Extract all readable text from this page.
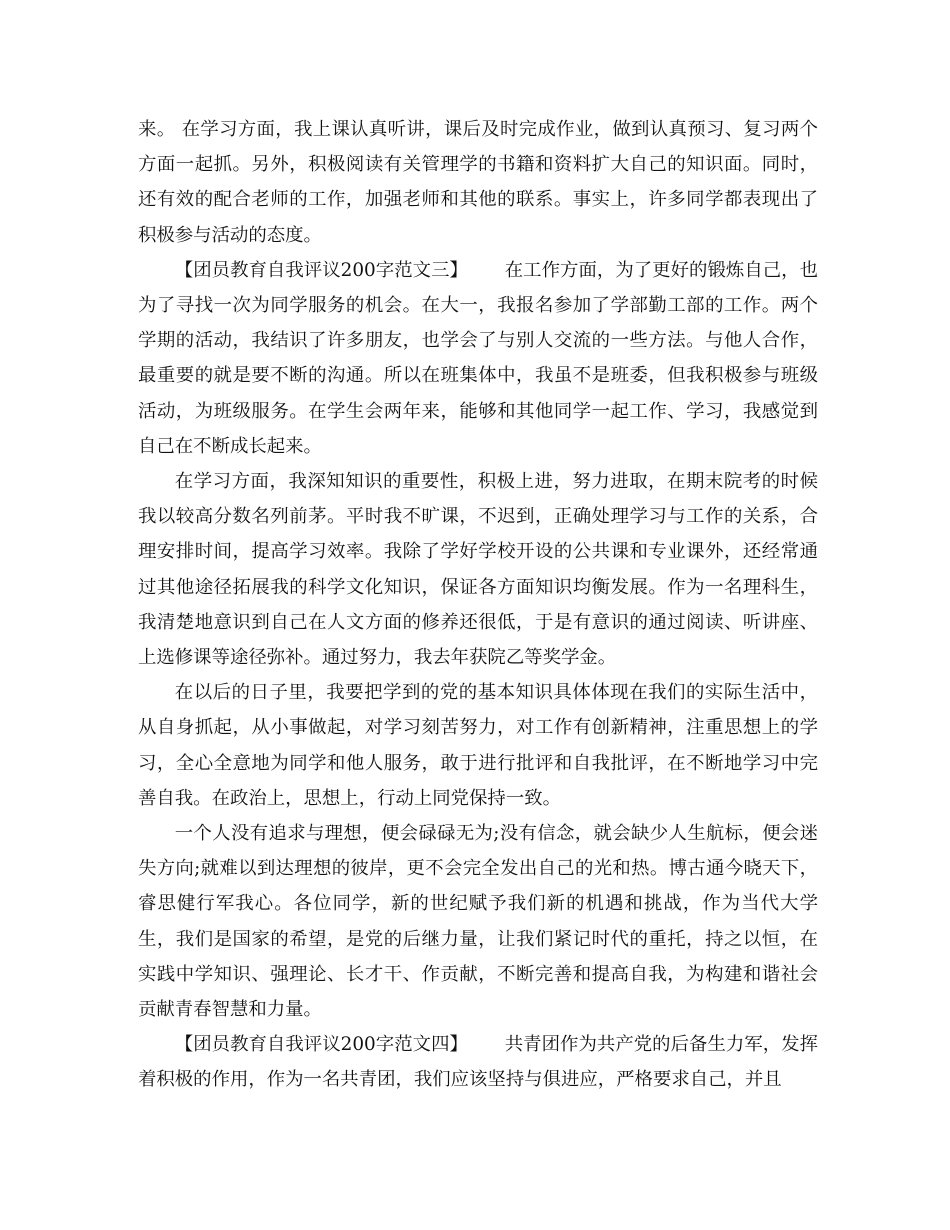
来。 在学习方面，我上课认真听讲，课后及时完成作业，做到认真预习、复习两个方面一起抓。另外，积极阅读有关管理学的书籍和资料扩大自己的知识面。同时，还有效的配合老师的工作，加强老师和其他的联系。事实上，许多同学都表现出了积极参与活动的态度。

【团员教育自我评议200字范文三】   在工作方面，为了更好的锻炼自己，也为了寻找一次为同学服务的机会。在大一，我报名参加了学部勤工部的工作。两个学期的活动，我结识了许多朋友，也学会了与别人交流的一些方法。与他人合作，最重要的就是要不断的沟通。所以在班集体中，我虽不是班委，但我积极参与班级活动，为班级服务。在学生会两年来，能够和其他同学一起工作、学习，我感觉到自己在不断成长起来。

在学习方面，我深知知识的重要性，积极上进，努力进取，在期末院考的时候我以较高分数名列前茅。平时我不旷课，不迟到，正确处理学习与工作的关系，合理安排时间，提高学习效率。我除了学好学校开设的公共课和专业课外，还经常通过其他途径拓展我的科学文化知识，保证各方面知识均衡发展。作为一名理科生，我清楚地意识到自己在人文方面的修养还很低，于是有意识的通过阅读、听讲座、上选修课等途径弥补。通过努力，我去年获院乙等奖学金。

在以后的日子里，我要把学到的党的基本知识具体体现在我们的实际生活中，从自身抓起，从小事做起，对学习刻苦努力，对工作有创新精神，注重思想上的学习，全心全意地为同学和他人服务，敢于进行批评和自我批评，在不断地学习中完善自我。在政治上，思想上，行动上同党保持一致。

一个人没有追求与理想，便会碌碌无为;没有信念，就会缺少人生航标，便会迷失方向;就难以到达理想的彼岸，更不会完全发出自己的光和热。博古通今晓天下，睿思健行军我心。各位同学，新的世纪赋予我们新的机遇和挑战，作为当代大学生，我们是国家的希望，是党的后继力量，让我们紧记时代的重托，持之以恒，在实践中学知识、强理论、长才干、作贡献，不断完善和提高自我，为构建和谐社会贡献青春智慧和力量。

【团员教育自我评议200字范文四】   共青团作为共产党的后备生力军，发挥着积极的作用，作为一名共青团，我们应该坚持与俱进应，严格要求自己，并且
